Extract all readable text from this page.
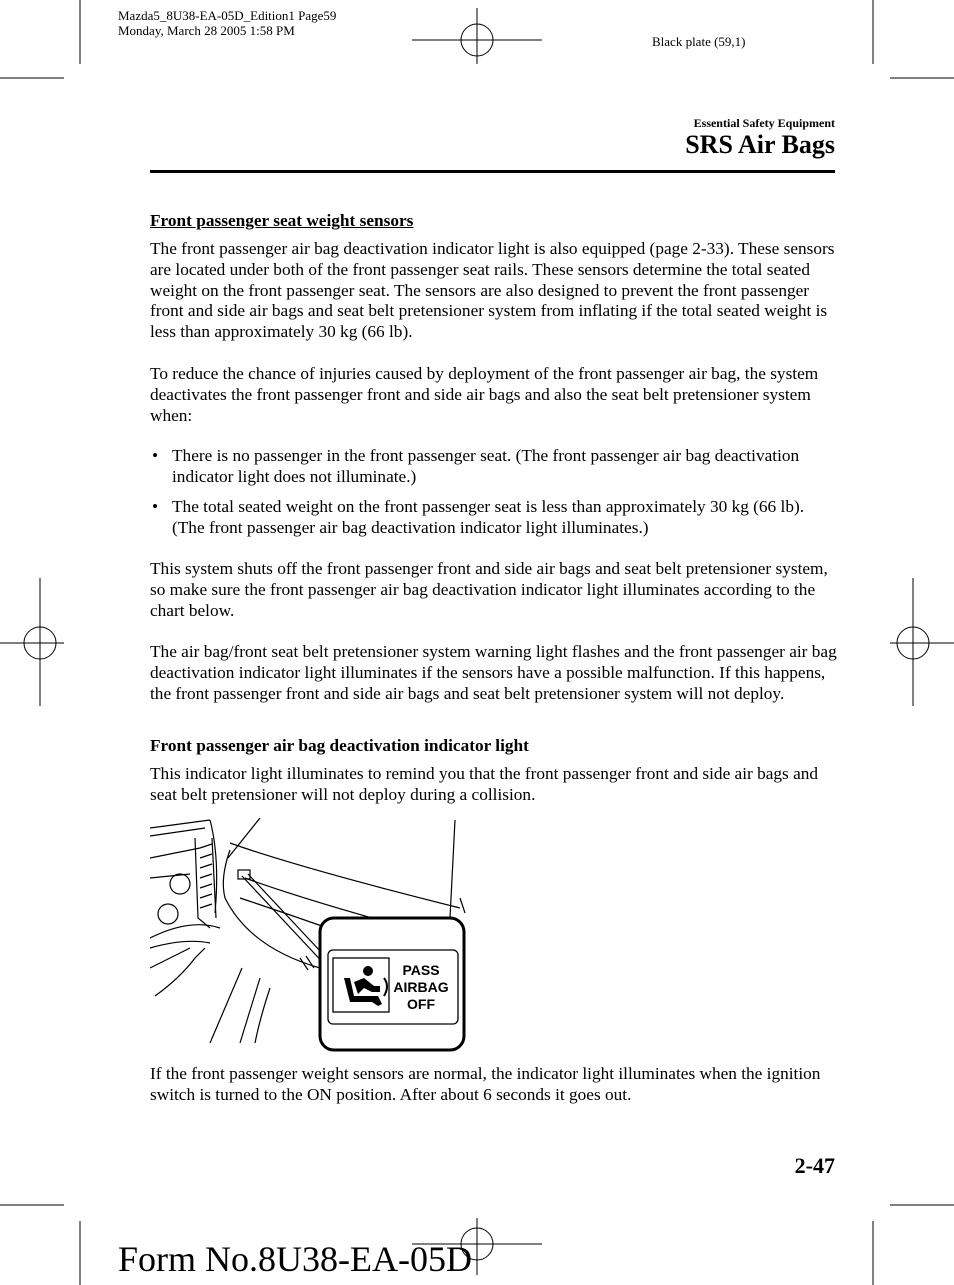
Mazda5_8U38-EA-05D_Edition1 Page59
Monday, March 28 2005 1:58 PM
Black plate (59,1)
Essential Safety Equipment
SRS Air Bags

Front passenger seat weight sensors

The front passenger air bag deactivation indicator light is also equipped (page 2-33). These sensors are located under both of the front passenger seat rails. These sensors determine the total seated weight on the front passenger seat. The sensors are also designed to prevent the front passenger front and side air bags and seat belt pretensioner system from inflating if the total seated weight is less than approximately 30 kg (66 lb).

To reduce the chance of injuries caused by deployment of the front passenger air bag, the system deactivates the front passenger front and side air bags and also the seat belt pretensioner system when:

• There is no passenger in the front passenger seat. (The front passenger air bag deactivation indicator light does not illuminate.)

• The total seated weight on the front passenger seat is less than approximately 30 kg (66 lb). (The front passenger air bag deactivation indicator light illuminates.)

This system shuts off the front passenger front and side air bags and seat belt pretensioner system, so make sure the front passenger air bag deactivation indicator light illuminates according to the chart below.

The air bag/front seat belt pretensioner system warning light flashes and the front passenger air bag deactivation indicator light illuminates if the sensors have a possible malfunction. If this happens, the front passenger front and side air bags and seat belt pretensioner system will not deploy.

Front passenger air bag deactivation indicator light

This indicator light illuminates to remind you that the front passenger front and side air bags and seat belt pretensioner will not deploy during a collision.

PASS
AIRBAG
OFF

If the front passenger weight sensors are normal, the indicator light illuminates when the ignition switch is turned to the ON position. After about 6 seconds it goes out.

2-47
Form No.8U38-EA-05D
